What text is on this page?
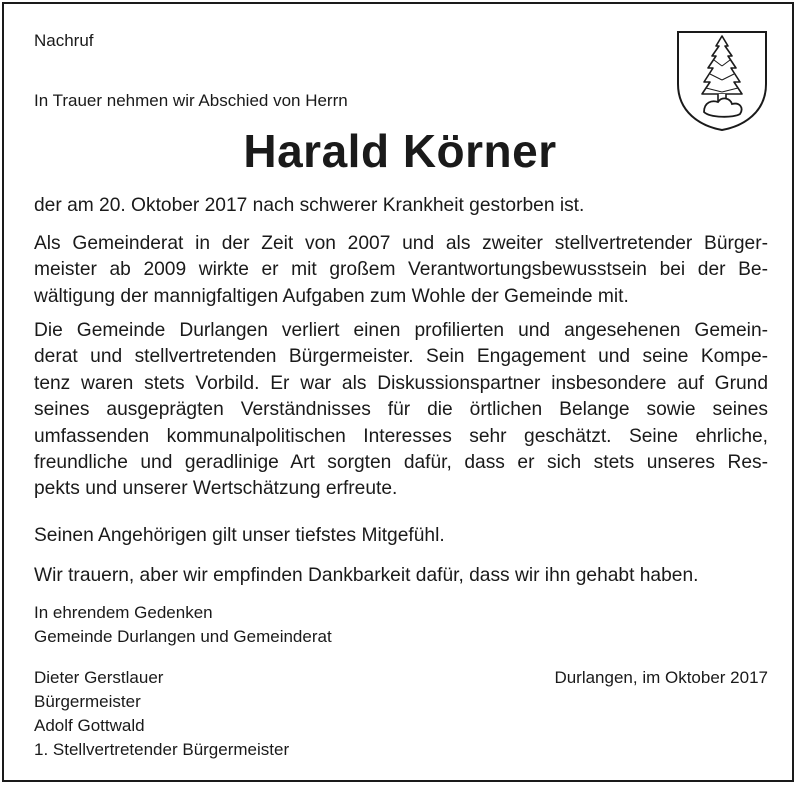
Nachruf
In Trauer nehmen wir Abschied von Herrn
Harald Körner
der am 20. Oktober 2017 nach schwerer Krankheit gestorben ist.
Als Gemeinderat in der Zeit von 2007 und als zweiter stellvertretender Bürger-
meister ab 2009 wirkte er mit großem Verantwortungsbewusstsein bei der Be-
wältigung der mannigfaltigen Aufgaben zum Wohle der Gemeinde mit.
Die Gemeinde Durlangen verliert einen profilierten und angesehenen Gemein-
derat und stellvertretenden Bürgermeister. Sein Engagement und seine Kompe-
tenz waren stets Vorbild. Er war als Diskussionspartner insbesondere auf Grund
seines ausgeprägten Verständnisses für die örtlichen Belange sowie seines
umfassenden kommunalpolitischen Interesses sehr geschätzt. Seine ehrliche,
freundliche und geradlinige Art sorgten dafür, dass er sich stets unseres Res-
pekts und unserer Wertschätzung erfreute.
Seinen Angehörigen gilt unser tiefstes Mitgefühl.
Wir trauern, aber wir empfinden Dankbarkeit dafür, dass wir ihn gehabt haben.
In ehrendem Gedenken
Gemeinde Durlangen und Gemeinderat
Dieter Gerstlauer
Bürgermeister
Adolf Gottwald
1. Stellvertretender Bürgermeister
Durlangen, im Oktober 2017
